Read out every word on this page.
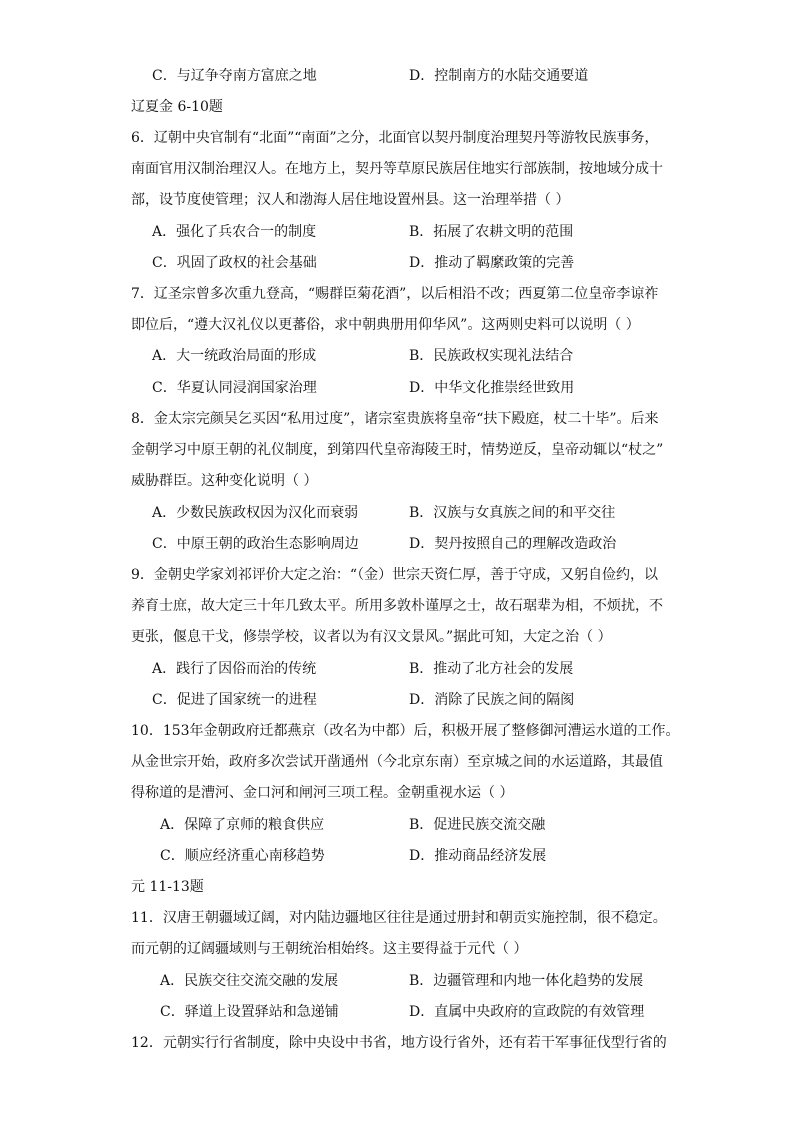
C．与辽争夺南方富庶之地	D．控制南方的水陆交通要道
辽夏金 6-10题
6．辽朝中央官制有“北面”“南面”之分，北面官以契丹制度治理契丹等游牧民族事务，
南面官用汉制治理汉人。在地方上，契丹等草原民族居住地实行部族制，按地域分成十
部，设节度使管理；汉人和渤海人居住地设置州县。这一治理举措（ ）
A．强化了兵农合一的制度	B．拓展了农耕文明的范围
C．巩固了政权的社会基础	D．推动了羁縻政策的完善
7．辽圣宗曾多次重九登高，“赐群臣菊花酒”，以后相沿不改；西夏第二位皇帝李谅祚
即位后，“遵大汉礼仪以更蕃俗，求中朝典册用仰华风”。这两则史料可以说明（ ）
A．大一统政治局面的形成	B．民族政权实现礼法结合
C．华夏认同浸润国家治理	D．中华文化推崇经世致用
8．金太宗完颜吴乞买因“私用过度”，诸宗室贵族将皇帝“扶下殿庭，杖二十毕”。后来
金朝学习中原王朝的礼仪制度，到第四代皇帝海陵王时，情势逆反，皇帝动辄以“杖之”
威胁群臣。这种变化说明（ ）
A．少数民族政权因为汉化而衰弱	B．汉族与女真族之间的和平交往
C．中原王朝的政治生态影响周边	D．契丹按照自己的理解改造政治
9．金朝史学家刘祁评价大定之治：“（金）世宗天资仁厚，善于守成，又躬自俭约，以
养育士庶，故大定三十年几致太平。所用多敦朴谨厚之士，故石琚辈为相，不烦扰，不
更张，偃息干戈，修崇学校，议者以为有汉文景风。”据此可知，大定之治（ ）
A．践行了因俗而治的传统	B．推动了北方社会的发展
C．促进了国家统一的进程	D．消除了民族之间的隔阂
10．153年金朝政府迁都燕京（改名为中都）后，积极开展了整修御河漕运水道的工作。
从金世宗开始，政府多次尝试开凿通州（今北京东南）至京城之间的水运道路，其最值
得称道的是漕河、金口河和闸河三项工程。金朝重视水运（ ）
A．保障了京师的粮食供应	B．促进民族交流交融
C．顺应经济重心南移趋势	D．推动商品经济发展
元 11-13题
11．汉唐王朝疆域辽阔，对内陆边疆地区往往是通过册封和朝贡实施控制，很不稳定。
而元朝的辽阔疆域则与王朝统治相始终。这主要得益于元代（ ）
A．民族交往交流交融的发展	B．边疆管理和内地一体化趋势的发展
C．驿道上设置驿站和急递铺	D．直属中央政府的宣政院的有效管理
12．元朝实行行省制度，除中央设中书省，地方设行省外，还有若干军事征伐型行省的
